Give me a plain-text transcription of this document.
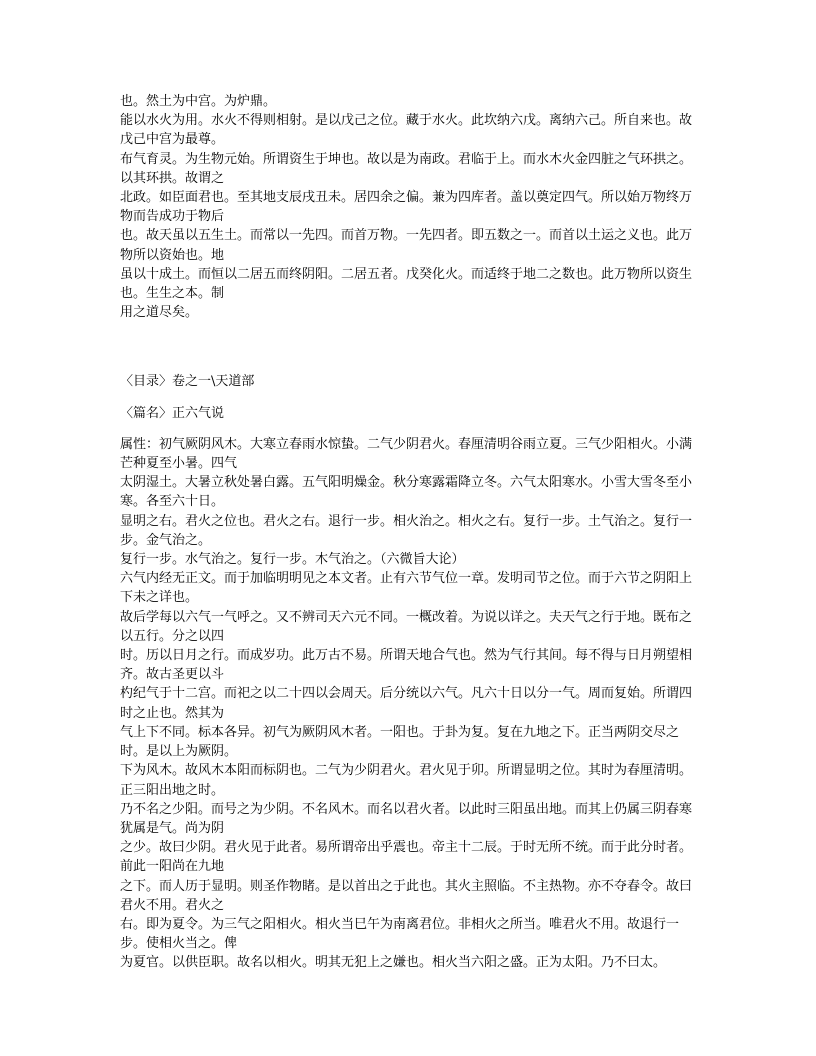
也。然土为中宫。为炉鼎。

能以水火为用。水火不得则相射。是以戊己之位。藏于水火。此坎纳六戊。离纳六己。所自来也。故戊己中宫为最尊。

布气育灵。为生物元始。所谓资生于坤也。故以是为南政。君临于上。而水木火金四脏之气环拱之。以其环拱。故谓之

北政。如臣面君也。至其地支辰戌丑未。居四余之偏。兼为四库者。盖以奠定四气。所以始万物终万物而告成功于物后

也。故天虽以五生土。而常以一先四。而首万物。一先四者。即五数之一。而首以土运之义也。此万物所以资始也。地

虽以十成土。而恒以二居五而终阴阳。二居五者。戊癸化火。而适终于地二之数也。此万物所以资生也。生生之本。制

用之道尽矣。

〈目录〉卷之一\天道部

〈篇名〉正六气说

属性：初气厥阴风木。大寒立春雨水惊蛰。二气少阴君火。春厘清明谷雨立夏。三气少阳相火。小满芒种夏至小暑。四气

太阴湿土。大暑立秋处暑白露。五气阳明燥金。秋分寒露霜降立冬。六气太阳寒水。小雪大雪冬至小寒。各至六十日。

显明之右。君火之位也。君火之右。退行一步。相火治之。相火之右。复行一步。土气治之。复行一步。金气治之。

复行一步。水气治之。复行一步。木气治之。（六微旨大论）

六气内经无正文。而于加临明明见之本文者。止有六节气位一章。发明司节之位。而于六节之阴阳上下未之详也。

故后学每以六气一气呼之。又不辨司天六元不同。一概改着。为说以详之。夫天气之行于地。既布之以五行。分之以四

时。历以日月之行。而成岁功。此万古不易。所谓天地合气也。然为气行其间。每不得与日月朔望相齐。故古圣更以斗

杓纪气于十二宫。而祀之以二十四以会周天。后分统以六气。凡六十日以分一气。周而复始。所谓四时之止也。然其为

气上下不同。标本各异。初气为厥阴风木者。一阳也。于卦为复。复在九地之下。正当两阴交尽之时。是以上为厥阴。

下为风木。故风木本阳而标阴也。二气为少阴君火。君火见于卯。所谓显明之位。其时为春厘清明。正三阳出地之时。

乃不名之少阳。而号之为少阴。不名风木。而名以君火者。以此时三阳虽出地。而其上仍属三阴春寒犹属是气。尚为阴

之少。故曰少阴。君火见于此者。易所谓帝出乎震也。帝主十二辰。于时无所不统。而于此分时者。前此一阳尚在九地

之下。而人历于显明。则圣作物睹。是以首出之于此也。其火主照临。不主热物。亦不夺春令。故曰君火不用。君火之

右。即为夏令。为三气之阳相火。相火当巳午为南离君位。非相火之所当。唯君火不用。故退行一步。使相火当之。俾

为夏官。以供臣职。故名以相火。明其无犯上之嫌也。相火当六阳之盛。正为太阳。乃不曰太。
